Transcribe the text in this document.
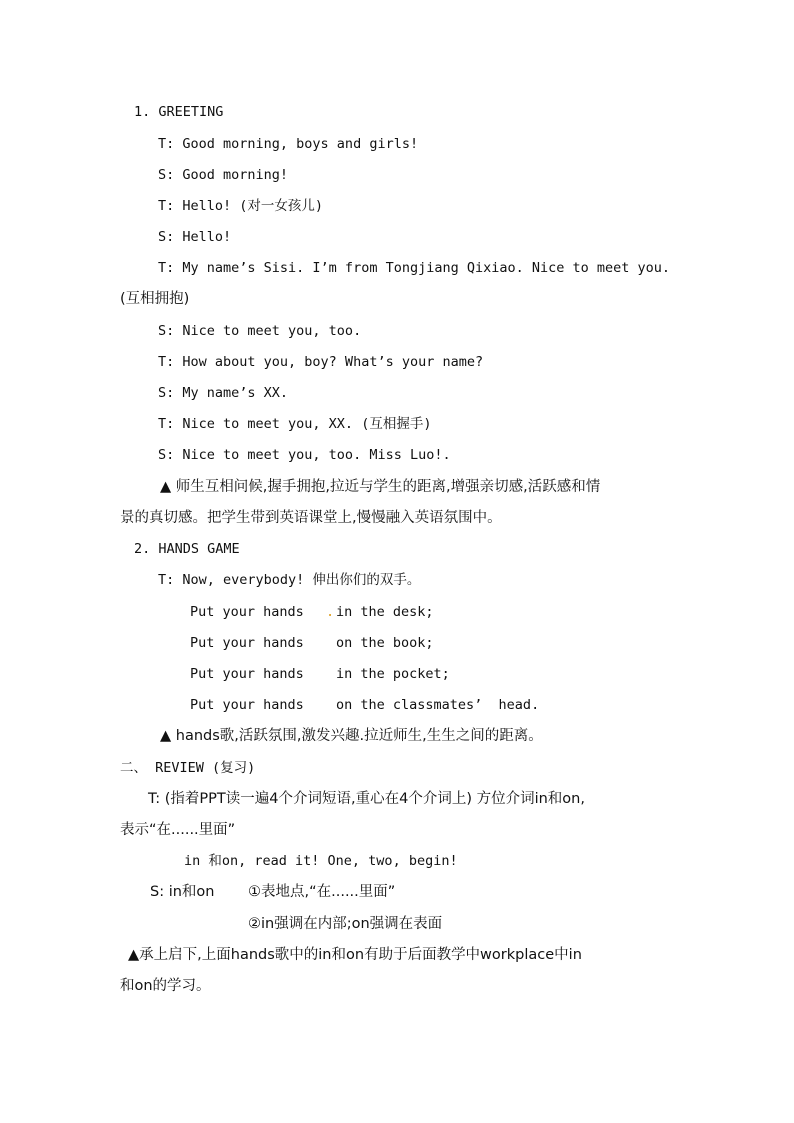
1. GREETING
T: Good morning, boys and girls!
S: Good morning!
T: Hello! (对一女孩儿)
S: Hello!
T: My name’s Sisi. I’m from Tongjiang Qixiao. Nice to meet you.
(互相拥抱)
S: Nice to meet you, too.
T: How about you, boy? What’s your name?
S: My name’s XX.
T: Nice to meet you, XX. (互相握手)
S: Nice to meet you, too. Miss Luo!.
▲ 师生互相问候,握手拥抱,拉近与学生的距离,增强亲切感,活跃感和情
景的真切感。把学生带到英语课堂上,慢慢融入英语氛围中。
2. HANDS GAME
T: Now, everybody! 伸出你们的双手。
Put your hands . in the desk;
Put your hands on the book;
Put your hands in the pocket;
Put your hands on the classmates’  head.
▲ hands歌,活跃氛围,激发兴趣.拉近师生,生生之间的距离。
二、 REVIEW (复习)
T: (指着PPT读一遍4个介词短语,重心在4个介词上) 方位介词in和on,
表示“在......里面”
in 和on, read it! One, two, begin!
S: in和on ①表地点,“在......里面”
②in强调在内部;on强调在表面
▲承上启下,上面hands歌中的in和on有助于后面教学中workplace中in
和on的学习。
